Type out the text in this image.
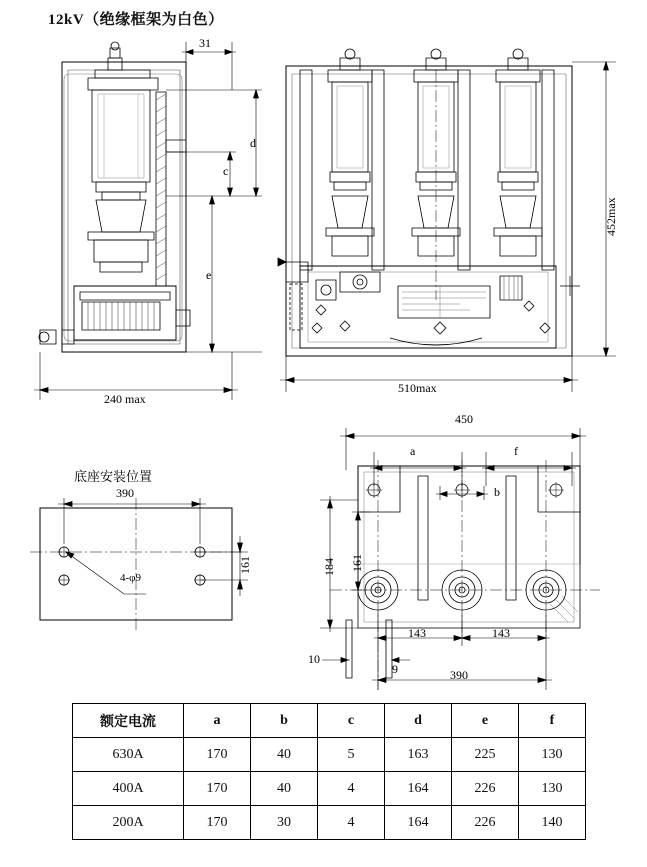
12kV（绝缘框架为白色）
31
d
c
e
240 max
452max
510max
底座安装位置
390
161
4-φ9
450
a	f
b
184 161
143	143
10
9	390
额定电流	a	b	c	d	e	f
630A	170	40	5	163	225	130
400A	170	40	4	164	226	130
200A	170	30	4	164	226	140
